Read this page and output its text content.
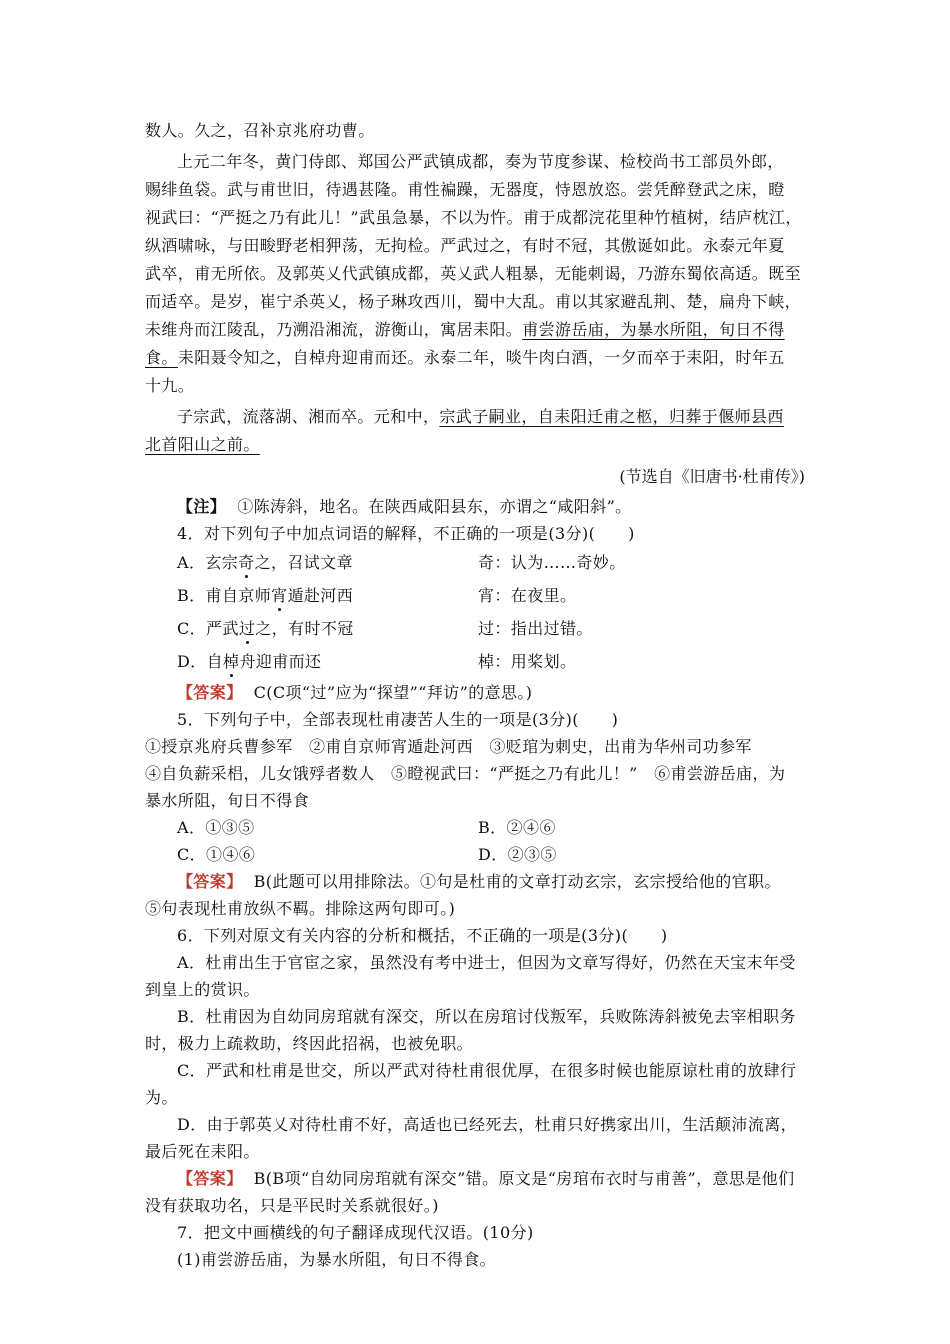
数人。久之，召补京兆府功曹。
上元二年冬，黄门侍郎、郑国公严武镇成都，奏为节度参谋、检校尚书工部员外郎，
赐绯鱼袋。武与甫世旧，待遇甚隆。甫性褊躁，无器度，恃恩放恣。尝凭醉登武之床，瞪
视武曰：“严挺之乃有此儿！”武虽急暴，不以为忤。甫于成都浣花里种竹植树，结庐枕江，
纵酒啸咏，与田畯野老相狎荡，无拘检。严武过之，有时不冠，其傲诞如此。永泰元年夏
武卒，甫无所依。及郭英乂代武镇成都，英乂武人粗暴，无能刺谒，乃游东蜀依高适。既至
而适卒。是岁，崔宁杀英乂，杨子琳攻西川，蜀中大乱。甫以其家避乱荆、楚，扁舟下峡，
未维舟而江陵乱，乃溯沿湘流，游衡山，寓居耒阳。甫尝游岳庙，为暴水所阻，旬日不得
食。耒阳聂令知之，自棹舟迎甫而还。永泰二年，啖牛肉白酒，一夕而卒于耒阳，时年五
十九。
子宗武，流落湖、湘而卒。元和中，宗武子嗣业，自耒阳迁甫之柩，归葬于偃师县西
北首阳山之前。
(节选自《旧唐书·杜甫传》)
【注】 ①陈涛斜，地名。在陕西咸阳县东，亦谓之“咸阳斜”。
4．对下列句子中加点词语的解释，不正确的一项是(3分)(　　)
A．玄宗奇之，召试文章	奇：认为……奇妙。
B．甫自京师宵遁赴河西	宵：在夜里。
C．严武过之，有时不冠	过：指出过错。
D．自棹舟迎甫而还	棹：用桨划。
【答案】 C(C项“过”应为“探望”“拜访”的意思。)
5．下列句子中，全部表现杜甫凄苦人生的一项是(3分)(　　)
①授京兆府兵曹参军　②甫自京师宵遁赴河西　③贬琯为刺史，出甫为华州司功参军
④自负薪采梠，儿女饿殍者数人　⑤瞪视武曰：“严挺之乃有此儿！”　⑥甫尝游岳庙，为
暴水所阻，旬日不得食
A．①③⑤	B．②④⑥
C．①④⑥	D．②③⑤
【答案】 B(此题可以用排除法。①句是杜甫的文章打动玄宗，玄宗授给他的官职。
⑤句表现杜甫放纵不羁。排除这两句即可。)
6．下列对原文有关内容的分析和概括，不正确的一项是(3分)(　　)
A．杜甫出生于官宦之家，虽然没有考中进士，但因为文章写得好，仍然在天宝末年受
到皇上的赏识。
B．杜甫因为自幼同房琯就有深交，所以在房琯讨伐叛军，兵败陈涛斜被免去宰相职务
时，极力上疏救助，终因此招祸，也被免职。
C．严武和杜甫是世交，所以严武对待杜甫很优厚，在很多时候也能原谅杜甫的放肆行
为。
D．由于郭英乂对待杜甫不好，高适也已经死去，杜甫只好携家出川，生活颠沛流离，
最后死在耒阳。
【答案】 B(B项“自幼同房琯就有深交”错。原文是“房琯布衣时与甫善”，意思是他们
没有获取功名，只是平民时关系就很好。)
7．把文中画横线的句子翻译成现代汉语。(10分)
(1)甫尝游岳庙，为暴水所阻，旬日不得食。
